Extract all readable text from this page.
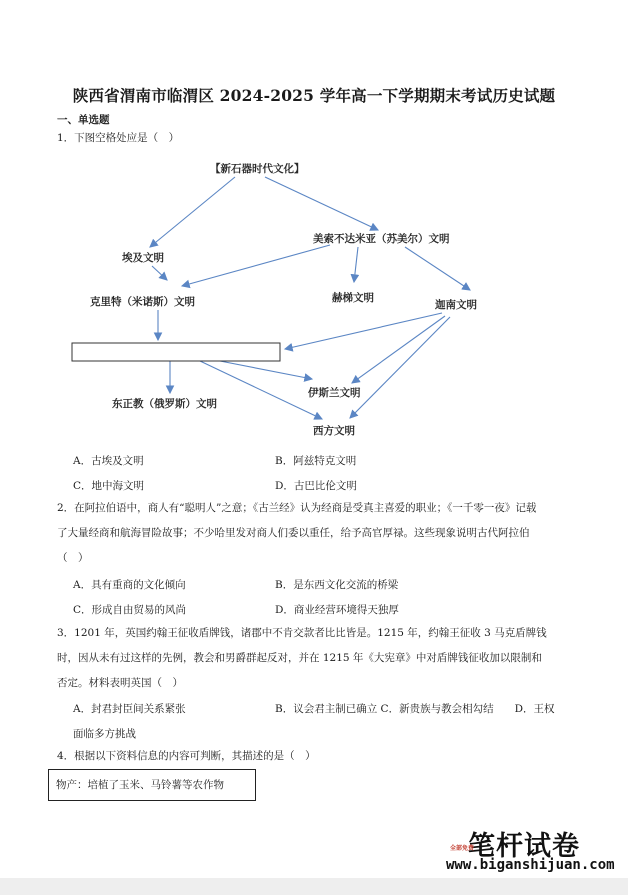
陕西省渭南市临渭区 2024-2025 学年高一下学期期末考试历史试题
一、单选题
1．下图空格处应是（　）
【新石器时代文化】
埃及文明
美索不达米亚（苏美尔）文明
克里特（米诺斯）文明	赫梯文明
迦南文明
东正教（俄罗斯）文明
伊斯兰文明
西方文明
A．古埃及文明	B．阿兹特克文明
C．地中海文明	D．古巴比伦文明
2．在阿拉伯语中，商人有“聪明人”之意；《古兰经》认为经商是受真主喜爱的职业；《一千零一夜》记载
了大量经商和航海冒险故事；不少哈里发对商人们委以重任，给予高官厚禄。这些现象说明古代阿拉伯
（　）
A．具有重商的文化倾向	B．是东西文化交流的桥梁
C．形成自由贸易的风尚	D．商业经营环境得天独厚
3．1201 年，英国约翰王征收盾牌钱，诸郡中不肯交款者比比皆是。1215 年，约翰王征收 3 马克盾牌钱
时，因从未有过这样的先例，教会和男爵群起反对，并在 1215 年《大宪章》中对盾牌钱征收加以限制和
否定。材料表明英国（　）
A．封君封臣间关系紧张	B．议会君主制已确立 C．新贵族与教会相勾结　　D．王权
面临多方挑战
4．根据以下资料信息的内容可判断，其描述的是（　）
物产：培植了玉米、马铃薯等农作物
笔杆试卷
全部免费
www.biganshijuan.com
